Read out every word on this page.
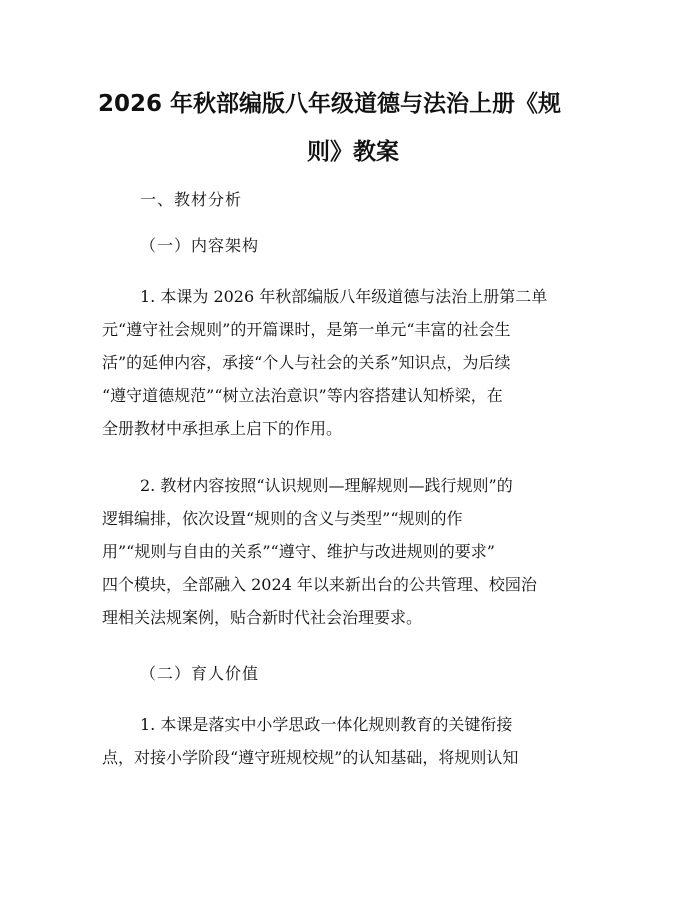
2026 年秋部编版八年级道德与法治上册《规
则》教案
一、教材分析
（一）内容架构
1. 本课为 2026 年秋部编版八年级道德与法治上册第二单
元“遵守社会规则”的开篇课时，是第一单元“丰富的社会生
活”的延伸内容，承接“个人与社会的关系”知识点，为后续
“遵守道德规范”“树立法治意识”等内容搭建认知桥梁，在
全册教材中承担承上启下的作用。
2. 教材内容按照“认识规则—理解规则—践行规则”的
逻辑编排，依次设置“规则的含义与类型”“规则的作
用”“规则与自由的关系”“遵守、维护与改进规则的要求”
四个模块，全部融入 2024 年以来新出台的公共管理、校园治
理相关法规案例，贴合新时代社会治理要求。
（二）育人价值
1. 本课是落实中小学思政一体化规则教育的关键衔接
点，对接小学阶段“遵守班规校规”的认知基础，将规则认知
